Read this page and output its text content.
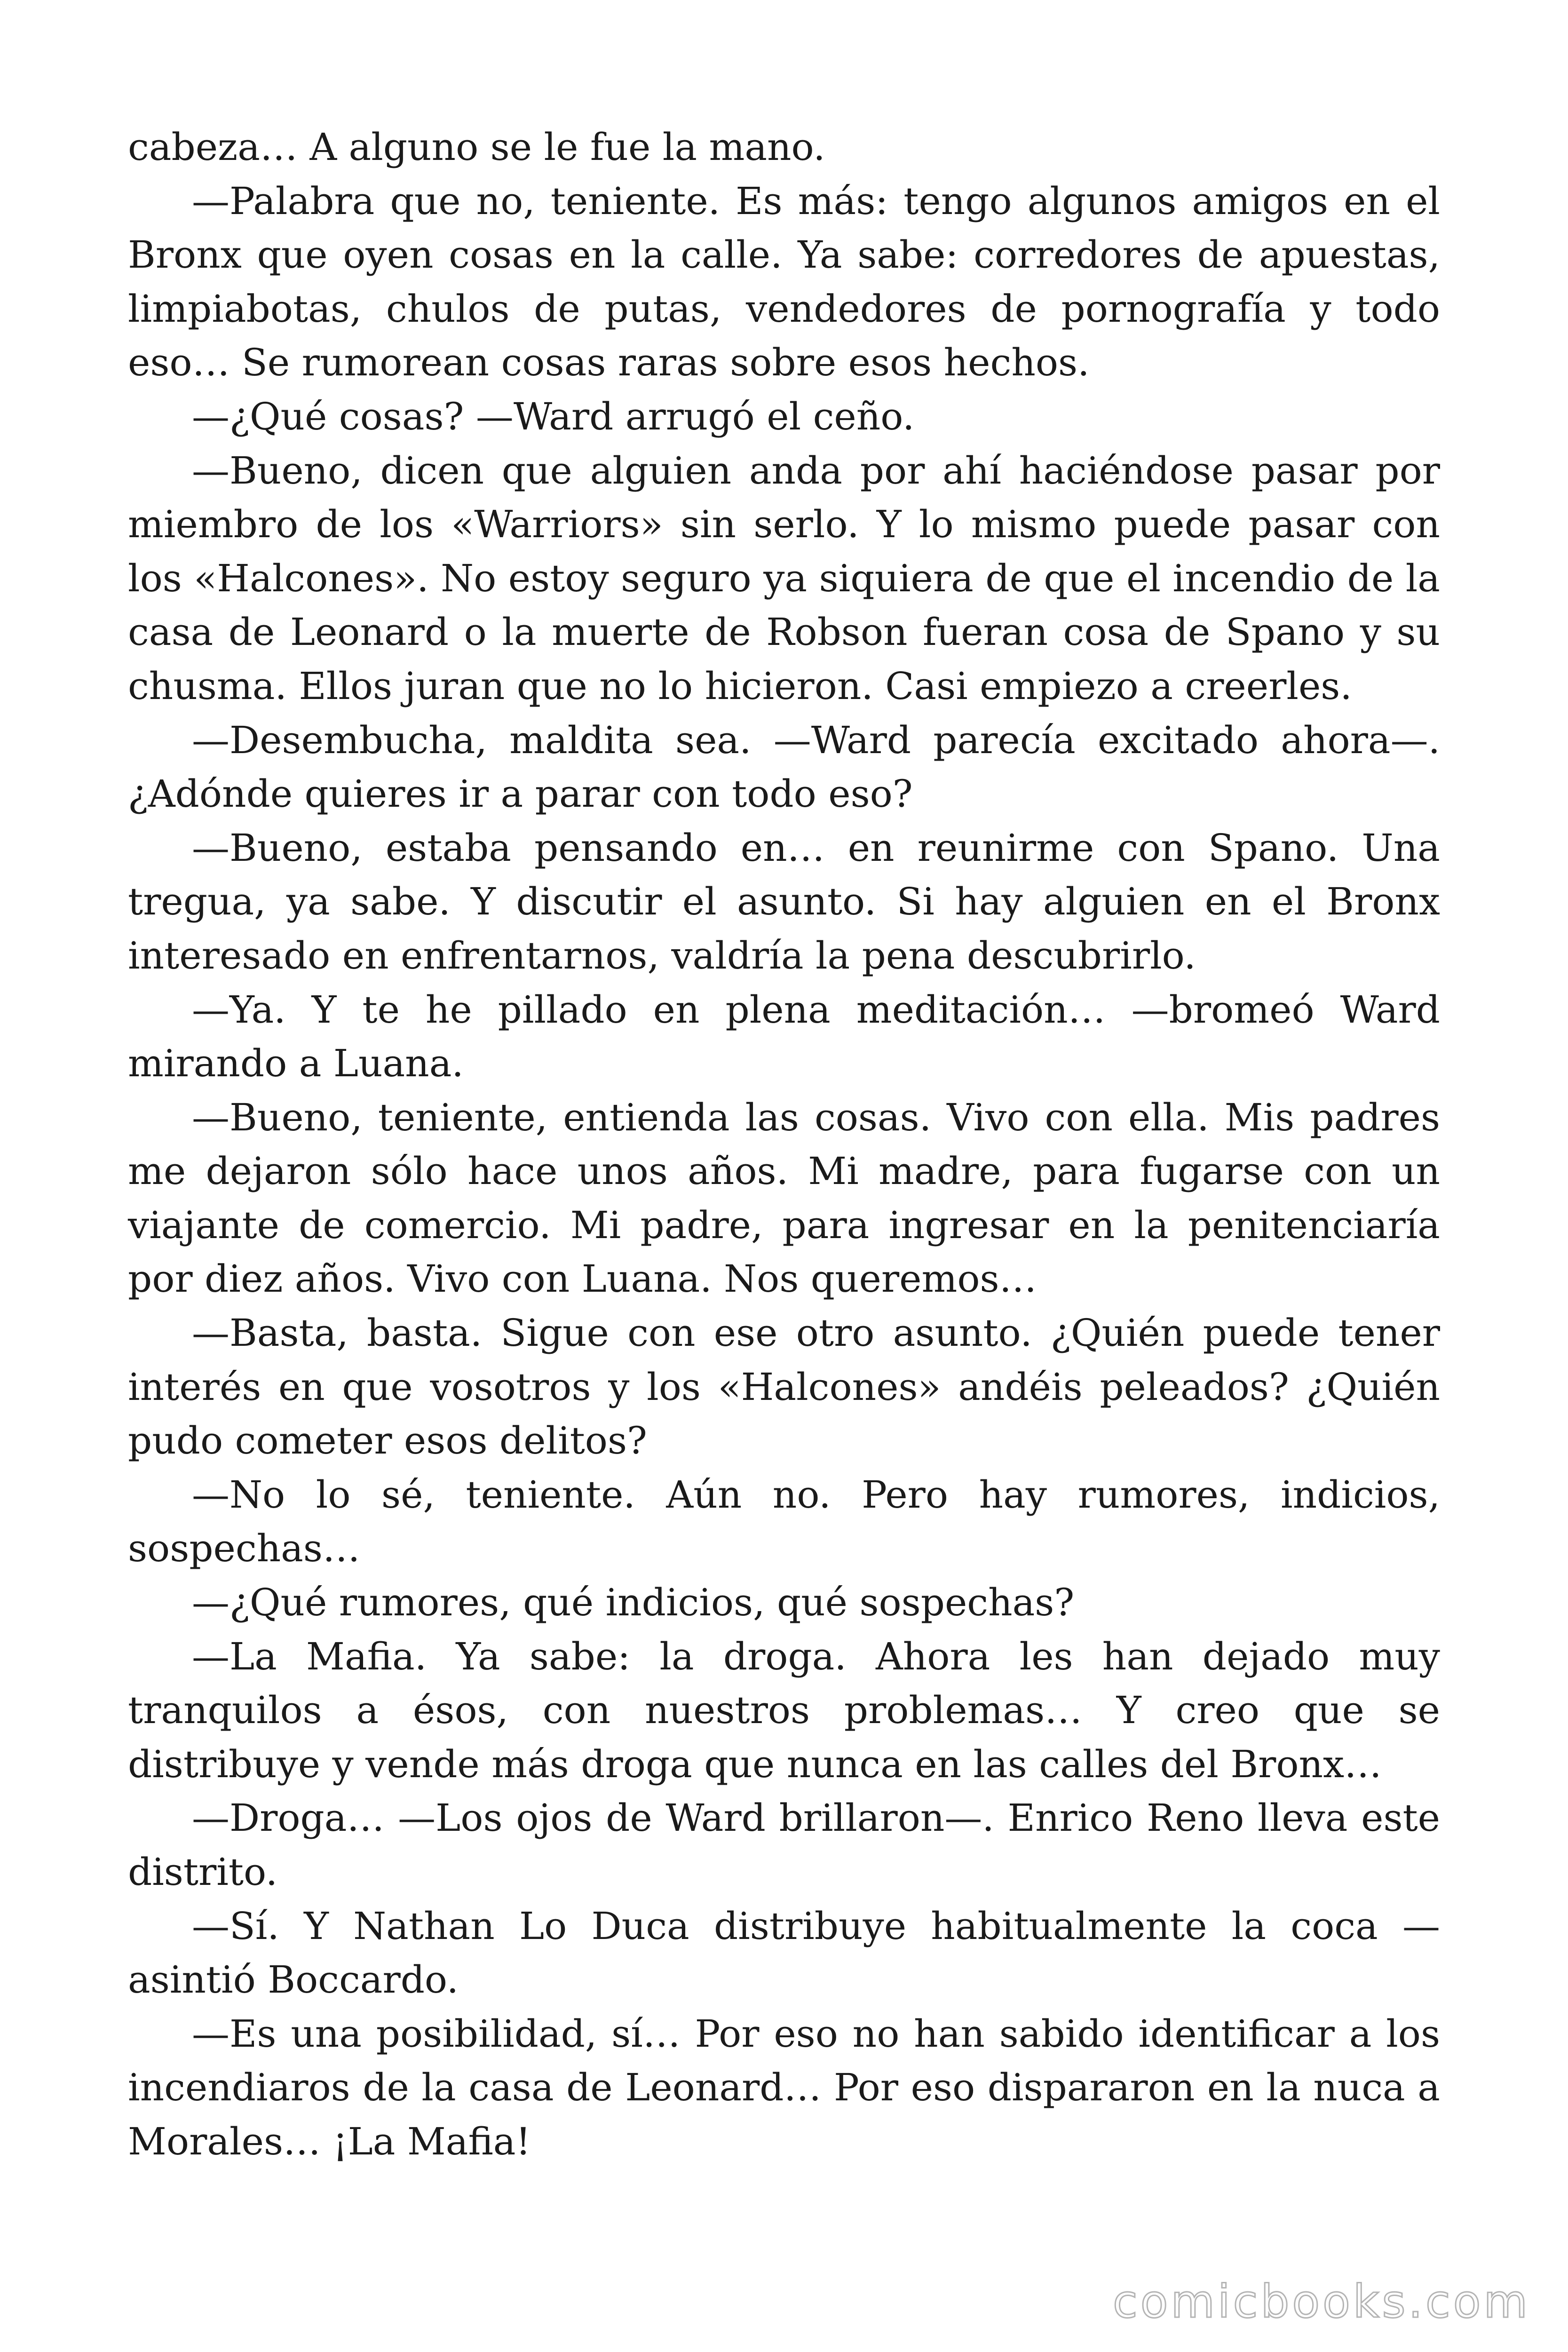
cabeza… A alguno se le fue la mano.

—Palabra que no, teniente. Es más: tengo algunos amigos en el Bronx que oyen cosas en la calle. Ya sabe: corredores de apuestas, limpiabotas, chulos de putas, vendedores de pornografía y todo eso… Se rumorean cosas raras sobre esos hechos.

—¿Qué cosas? —Ward arrugó el ceño.

—Bueno, dicen que alguien anda por ahí haciéndose pasar por miembro de los «Warriors» sin serlo. Y lo mismo puede pasar con los «Halcones». No estoy seguro ya siquiera de que el incendio de la casa de Leonard o la muerte de Robson fueran cosa de Spano y su chusma. Ellos juran que no lo hicieron. Casi empiezo a creerles.

—Desembucha, maldita sea. —Ward parecía excitado ahora—. ¿Adónde quieres ir a parar con todo eso?

—Bueno, estaba pensando en… en reunirme con Spano. Una tregua, ya sabe. Y discutir el asunto. Si hay alguien en el Bronx interesado en enfrentarnos, valdría la pena descubrirlo.

—Ya. Y te he pillado en plena meditación… —bromeó Ward mirando a Luana.

—Bueno, teniente, entienda las cosas. Vivo con ella. Mis padres me dejaron sólo hace unos años. Mi madre, para fugarse con un viajante de comercio. Mi padre, para ingresar en la penitenciaría por diez años. Vivo con Luana. Nos queremos…

—Basta, basta. Sigue con ese otro asunto. ¿Quién puede tener interés en que vosotros y los «Halcones» andéis peleados? ¿Quién pudo cometer esos delitos?

—No lo sé, teniente. Aún no. Pero hay rumores, indicios, sospechas…

—¿Qué rumores, qué indicios, qué sospechas?

—La Mafia. Ya sabe: la droga. Ahora les han dejado muy tranquilos a ésos, con nuestros problemas… Y creo que se distribuye y vende más droga que nunca en las calles del Bronx…

—Droga… —Los ojos de Ward brillaron—. Enrico Reno lleva este distrito.

—Sí. Y Nathan Lo Duca distribuye habitualmente la coca —asintió Boccardo.

—Es una posibilidad, sí… Por eso no han sabido identificar a los incendiaros de la casa de Leonard… Por eso dispararon en la nuca a Morales… ¡La Mafia!

comicbooks.com
